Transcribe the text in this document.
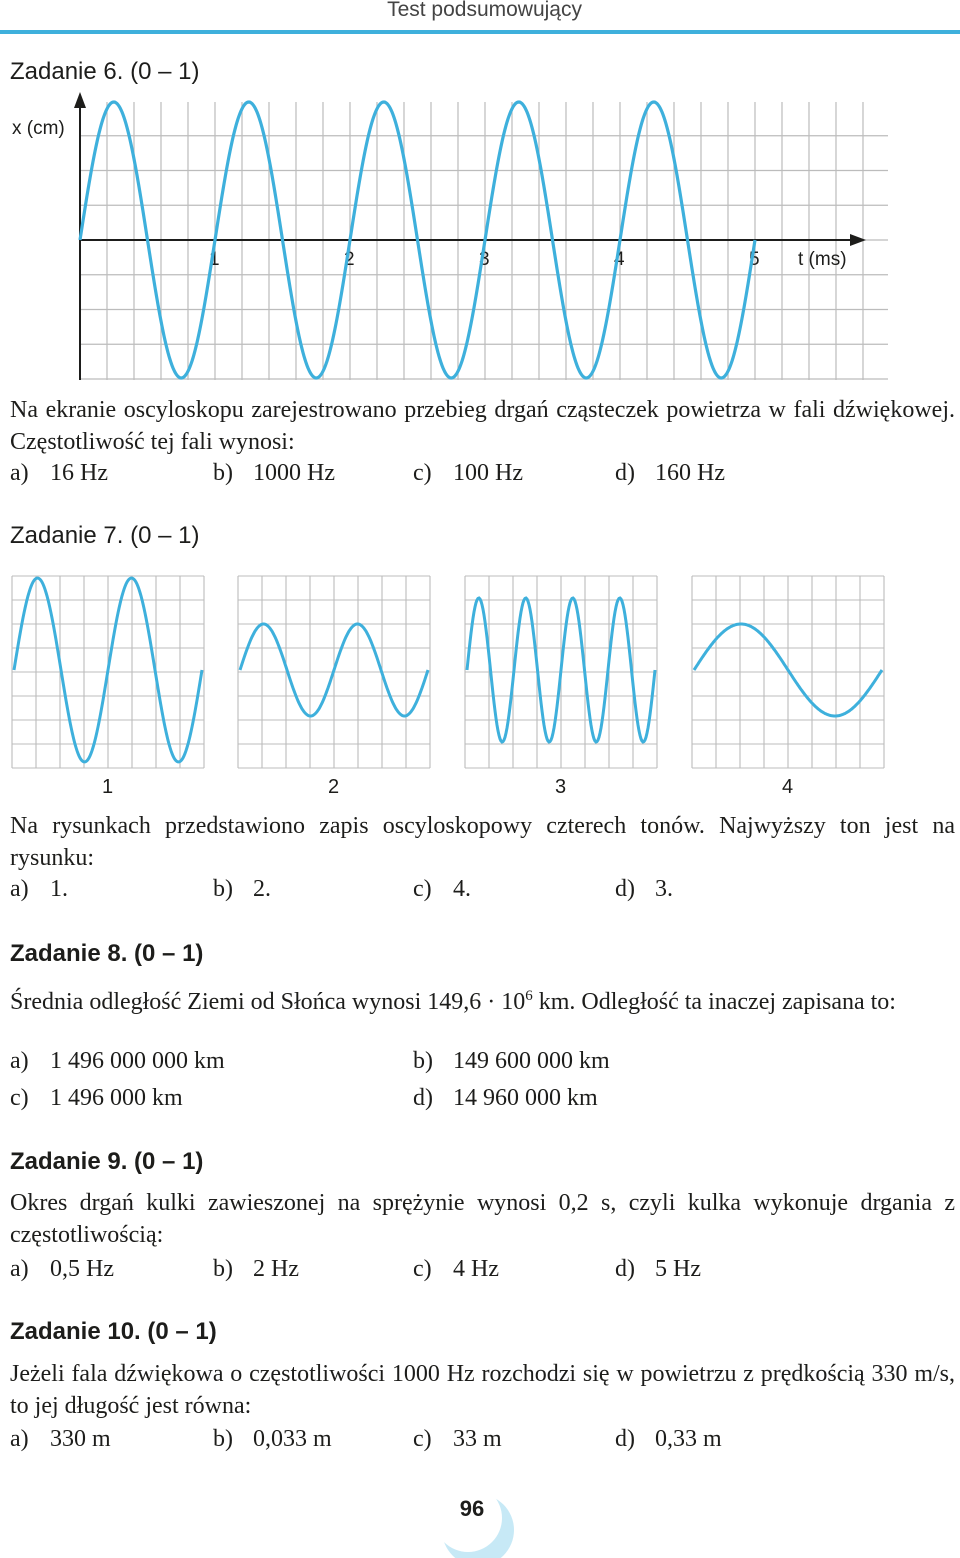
Test podsumowujący
Zadanie 6. (0 – 1)
x (cm)
t (ms)
1	2	3	4	5
Na ekranie oscyloskopu zarejestrowano przebieg drgań cząsteczek powietrza w fali dźwiękowej. Częstotliwość tej fali wynosi:
a) 16 Hz	b) 1000 Hz	c) 100 Hz	d) 160 Hz
Zadanie 7. (0 – 1)
1	2	3	4
Na rysunkach przedstawiono zapis oscyloskopowy czterech tonów. Najwyższy ton jest na rysunku:
a) 1.	b) 2.	c) 4.	d) 3.
Zadanie 8. (0 – 1)
Średnia odległość Ziemi od Słońca wynosi $149,6 \cdot 10^6$ km. Odległość ta inaczej zapisana to:
a) 1 496 000 000 km	b) 149 600 000 km
c) 1 496 000 km	d) 14 960 000 km
Zadanie 9. (0 – 1)
Okres drgań kulki zawieszonej na sprężynie wynosi 0,2 s, czyli kulka wykonuje drgania z częstotliwością:
a) 0,5 Hz	b) 2 Hz	c) 4 Hz	d) 5 Hz
Zadanie 10. (0 – 1)
Jeżeli fala dźwiękowa o częstotliwości 1000 Hz rozchodzi się w powietrzu z prędkością 330 m/s, to jej długość jest równa:
a) 330 m	b) 0,033 m	c) 33 m	d) 0,33 m
96
